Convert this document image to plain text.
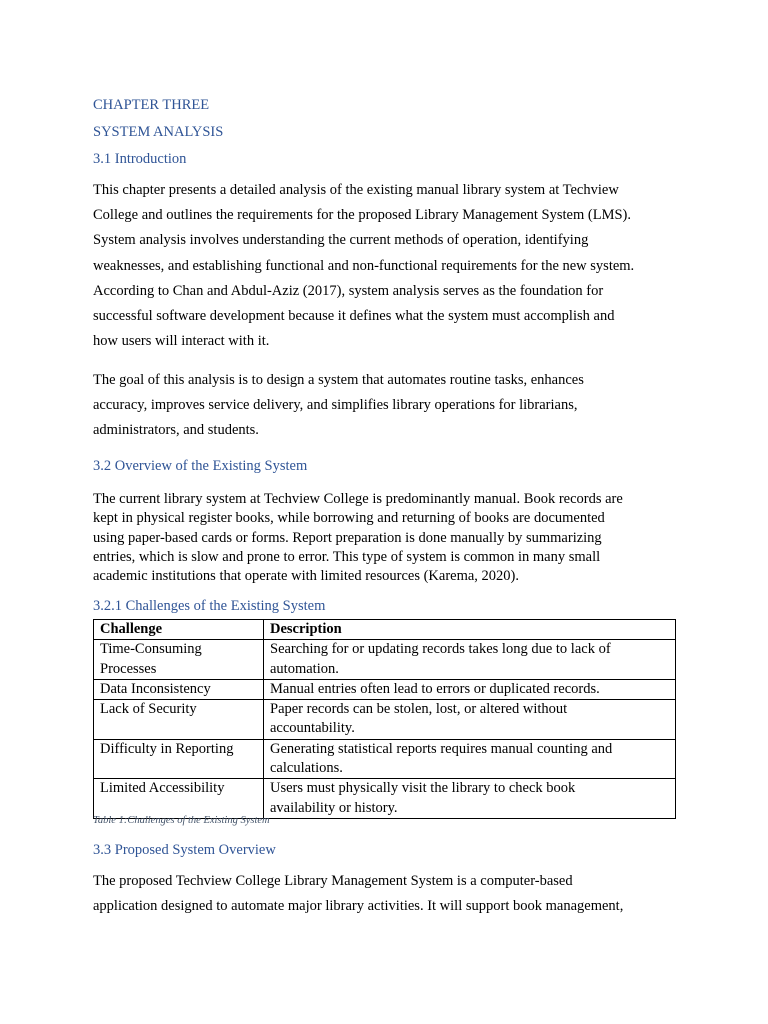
CHAPTER THREE
SYSTEM ANALYSIS
3.1 Introduction
This chapter presents a detailed analysis of the existing manual library system at Techview
College and outlines the requirements for the proposed Library Management System (LMS).
System analysis involves understanding the current methods of operation, identifying
weaknesses, and establishing functional and non-functional requirements for the new system.
According to Chan and Abdul-Aziz (2017), system analysis serves as the foundation for
successful software development because it defines what the system must accomplish and
how users will interact with it.
The goal of this analysis is to design a system that automates routine tasks, enhances
accuracy, improves service delivery, and simplifies library operations for librarians,
administrators, and students.
3.2 Overview of the Existing System
The current library system at Techview College is predominantly manual. Book records are
kept in physical register books, while borrowing and returning of books are documented
using paper-based cards or forms. Report preparation is done manually by summarizing
entries, which is slow and prone to error. This type of system is common in many small
academic institutions that operate with limited resources (Karema, 2020).
3.2.1 Challenges of the Existing System
Challenge	Description

Time-Consuming
Processes	Searching for or updating records takes long due to lack of
automation.

Data Inconsistency	Manual entries often lead to errors or duplicated records.

Lack of Security	Paper records can be stolen, lost, or altered without
accountability.

Difficulty in Reporting	Generating statistical reports requires manual counting and
calculations.

Limited Accessibility	Users must physically visit the library to check book
availability or history.

Table 1:Challenges of the Existing System

3.3 Proposed System Overview
The proposed Techview College Library Management System is a computer-based
application designed to automate major library activities. It will support book management,
